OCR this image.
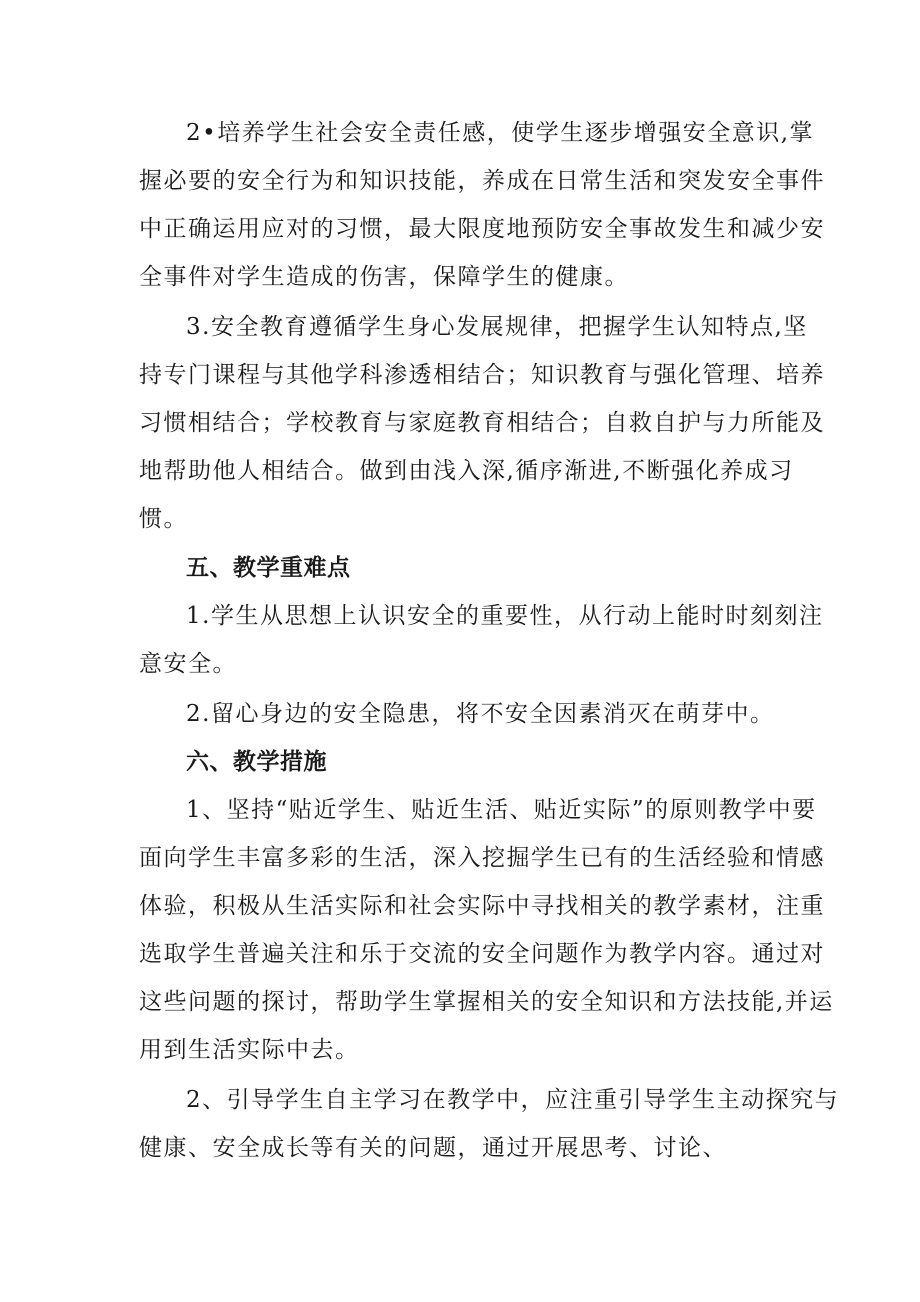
2•培养学生社会安全责任感，使学生逐步增强安全意识,掌
握必要的安全行为和知识技能，养成在日常生活和突发安全事件
中正确运用应对的习惯，最大限度地预防安全事故发生和减少安
全事件对学生造成的伤害，保障学生的健康。
3.安全教育遵循学生身心发展规律，把握学生认知特点,坚
持专门课程与其他学科渗透相结合；知识教育与强化管理、培养
习惯相结合；学校教育与家庭教育相结合；自救自护与力所能及
地帮助他人相结合。做到由浅入深,循序渐进,不断强化养成习
惯。
五、教学重难点
1.学生从思想上认识安全的重要性，从行动上能时时刻刻注
意安全。
2.留心身边的安全隐患，将不安全因素消灭在萌芽中。
六、教学措施
1、坚持“贴近学生、贴近生活、贴近实际”的原则教学中要
面向学生丰富多彩的生活，深入挖掘学生已有的生活经验和情感
体验，积极从生活实际和社会实际中寻找相关的教学素材，注重
选取学生普遍关注和乐于交流的安全问题作为教学内容。通过对
这些问题的探讨，帮助学生掌握相关的安全知识和方法技能,并运
用到生活实际中去。
2、引导学生自主学习在教学中，应注重引导学生主动探究与
健康、安全成长等有关的问题，通过开展思考、讨论、
